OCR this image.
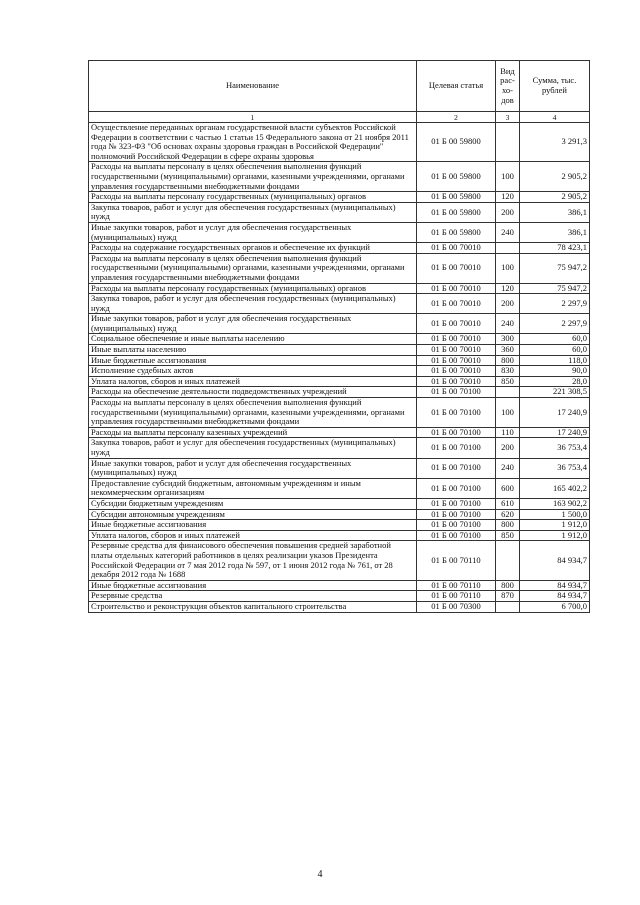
Наименование	Целевая статья	Вид рас-хо-дов	Сумма, тыс. рублей
1	2	3	4
Осуществление переданных органам государственной власти субъектов Российской Федерации в соответствии с частью 1 статьи 15 Федерального закона от 21 ноября 2011 года № 323-ФЗ "Об основах охраны здоровья граждан в Российской Федерации" полномочий Российской Федерации в сфере охраны здоровья	01 Б 00 59800		3 291,3
Расходы на выплаты персоналу в целях обеспечения выполнения функций государственными (муниципальными) органами, казенными учреждениями, органами управления государственными внебюджетными фондами	01 Б 00 59800	100	2 905,2
Расходы на выплаты персоналу государственных (муниципальных) органов	01 Б 00 59800	120	2 905,2
Закупка товаров, работ и услуг для обеспечения государственных (муниципальных) нужд	01 Б 00 59800	200	386,1
Иные закупки товаров, работ и услуг для обеспечения государственных (муниципальных) нужд	01 Б 00 59800	240	386,1
Расходы на содержание государственных органов и обеспечение их функций	01 Б 00 70010		78 423,1
Расходы на выплаты персоналу в целях обеспечения выполнения функций государственными (муниципальными) органами, казенными учреждениями, органами управления государственными внебюджетными фондами	01 Б 00 70010	100	75 947,2
Расходы на выплаты персоналу государственных (муниципальных) органов	01 Б 00 70010	120	75 947,2
Закупка товаров, работ и услуг для обеспечения государственных (муниципальных) нужд	01 Б 00 70010	200	2 297,9
Иные закупки товаров, работ и услуг для обеспечения государственных (муниципальных) нужд	01 Б 00 70010	240	2 297,9
Социальное обеспечение и иные выплаты населению	01 Б 00 70010	300	60,0
Иные выплаты населению	01 Б 00 70010	360	60,0
Иные бюджетные ассигнования	01 Б 00 70010	800	118,0
Исполнение судебных актов	01 Б 00 70010	830	90,0
Уплата налогов, сборов и иных платежей	01 Б 00 70010	850	28,0
Расходы на обеспечение деятельности подведомственных учреждений	01 Б 00 70100		221 308,5
Расходы на выплаты персоналу в целях обеспечения выполнения функций государственными (муниципальными) органами, казенными учреждениями, органами управления государственными внебюджетными фондами	01 Б 00 70100	100	17 240,9
Расходы на выплаты персоналу казенных учреждений	01 Б 00 70100	110	17 240,9
Закупка товаров, работ и услуг для обеспечения государственных (муниципальных) нужд	01 Б 00 70100	200	36 753,4
Иные закупки товаров, работ и услуг для обеспечения государственных (муниципальных) нужд	01 Б 00 70100	240	36 753,4
Предоставление субсидий бюджетным, автономным учреждениям и иным некоммерческим организациям	01 Б 00 70100	600	165 402,2
Субсидии бюджетным учреждениям	01 Б 00 70100	610	163 902,2
Субсидии автономным учреждениям	01 Б 00 70100	620	1 500,0
Иные бюджетные ассигнования	01 Б 00 70100	800	1 912,0
Уплата налогов, сборов и иных платежей	01 Б 00 70100	850	1 912,0
Резервные средства для финансового обеспечения повышения средней заработной платы отдельных категорий работников в целях реализации указов Президента Российской Федерации от 7 мая 2012 года № 597, от 1 июня 2012 года № 761, от 28 декабря 2012 года № 1688	01 Б 00 70110		84 934,7
Иные бюджетные ассигнования	01 Б 00 70110	800	84 934,7
Резервные средства	01 Б 00 70110	870	84 934,7
Строительство и реконструкция объектов капитального строительства	01 Б 00 70300		6 700,0
4
